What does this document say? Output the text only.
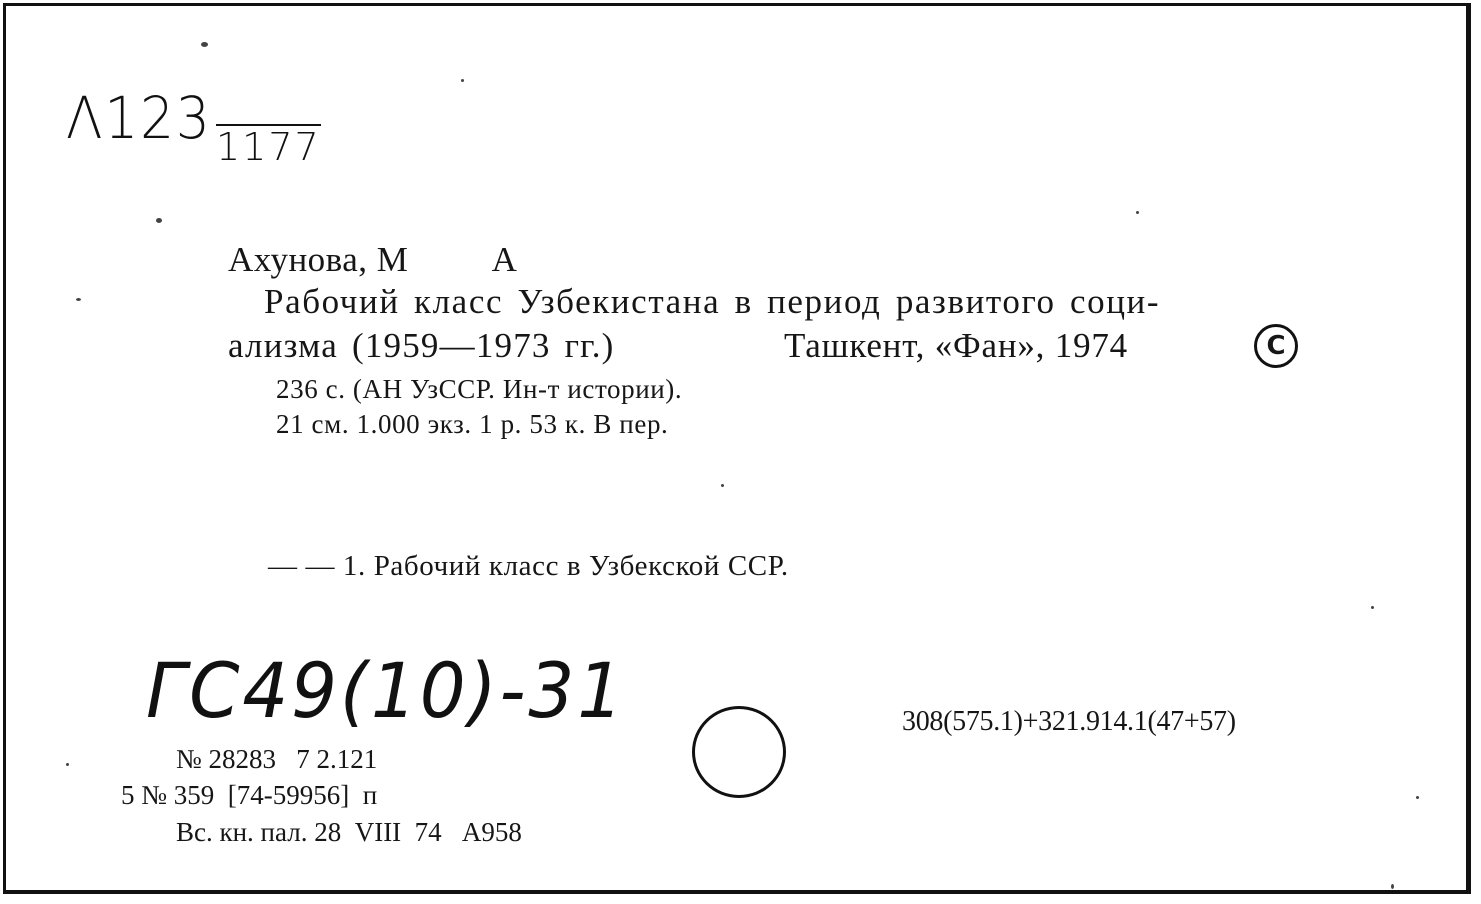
Λ123 1177
Ахунова, М         А
Рабочий класс Узбекистана в период развитого соци-
ализма (1959—1973 гг.)	Ташкент, «Фан», 1974	C
236 с. (АН УзССР. Ин-т истории).
21 см. 1.000 экз. 1 р. 53 к. В пер.
— — 1. Рабочий класс в Узбекской ССР.
ГС49(10)-31	308(575.1)+321.914.1(47+57)
№ 28283   7 2.121
5 № 359  [74-59956]  п
Вс. кн. пал. 28  VIII  74   А958
